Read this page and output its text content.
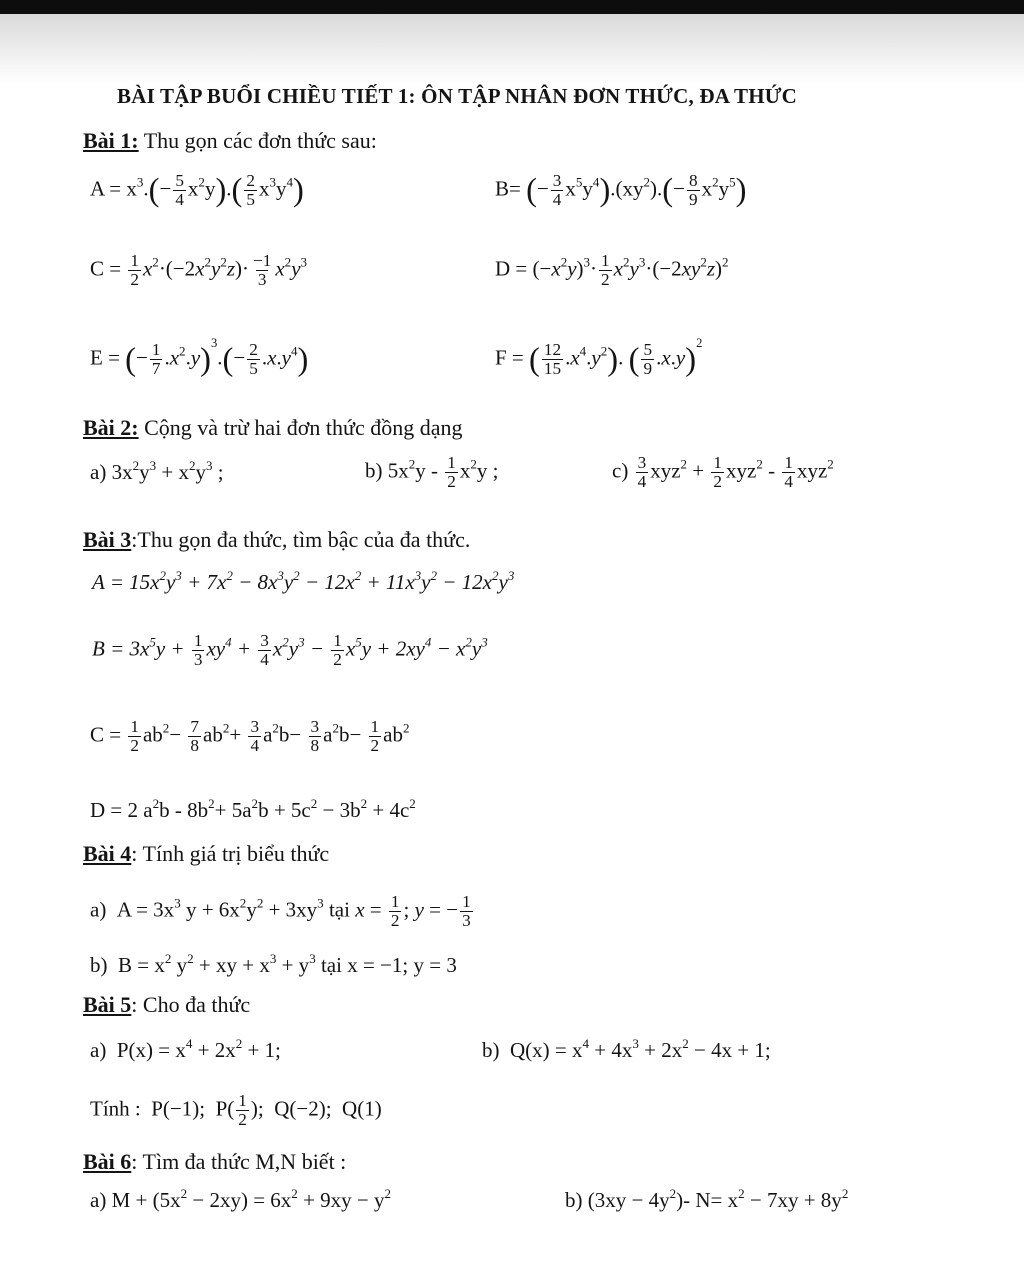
BÀI TẬP BUỔI CHIỀU TIẾT 1: ÔN TẬP NHÂN ĐƠN THỨC, ĐA THỨC
Bài 1: Thu gọn các đơn thức sau:
$A = x^3.(- \frac{5}{4} x^2y).( \frac{2}{5} x^3y^4)$	B= (− $\frac{3}{4} x^5y^4).(xy^2).(- \frac{8}{9} x^2y^5)$
$C = \frac{1}{2} x^2\cdot(-2x^2y^2z)\cdot \frac{-1}{3} x^2y^3$	$D = (-x^2y)^3\cdot \frac{1}{2} x^2y^3\cdot(-2xy^2z)^2$
E = (− $\frac{1}{7} .x^2.y)^3.(- \frac{2}{5} .x.y^4)$	F = ( $\frac{12}{15} .x^4.y^2$). ( $\frac{5}{9} .x.y)^2$
Bài 2: Cộng và trừ hai đơn thức đồng dạng
a) $3x^2y^3 + x^2y^3$ ;	b) $5x^2y - \frac{1}{2} x^2y$ ;	$c) \frac{3}{4} xyz^2 + \frac{1}{2} xyz^2 - \frac{1}{4} xyz^2$
Bài 3:Thu gọn đa thức, tìm bậc của đa thức.
$A = 15x^2y^3 + 7x^2 - 8x^3y^2 - 12x^2 + 11x^3y^2 - 12x^2y^3$
$B = 3x^5y + \frac{1}{3} xy^4 + \frac{3}{4} x^2y^3 - \frac{1}{2} x^5y + 2xy^4 - x^2y^3$
$C = \frac{1}{2} ab^2- \frac{7}{8} ab^2+ \frac{3}{4} a^2b- \frac{3}{8} a^2b- \frac{1}{2} ab^2$
D = 2 $a^2b - 8b^2+ 5a^2b + 5c^2 - 3b^2 + 4c^2$
Bài 4: Tính giá trị biểu thức
a)  $A = 3x^3$ $y + 6x^2y^2 + 3xy^3$ tại $x = \frac{1}{2}$ ; y = − $\frac{1}{3}$
b)  $B = x^2$ $y^2$ + xy + $x^3 + y^3$ tại x = −1; y = 3
Bài 5: Cho đa thức
a)  $P(x) = x^4 + 2x^2 + 1$;	b)  $Q(x) = x^4 + 4x^3 + 2x^2 - 4x + 1$;
Tính :  P(−1);  $P( \frac{1}{2}$ );  Q(−2);  Q(1)
Bài 6: Tìm đa thức M,N biết :
a) $M + (5x^2 - 2xy) = 6x^2 + 9xy - y^2$	b) $(3xy - 4y^2)-$ $N= x^2 - 7xy + 8y^2$
